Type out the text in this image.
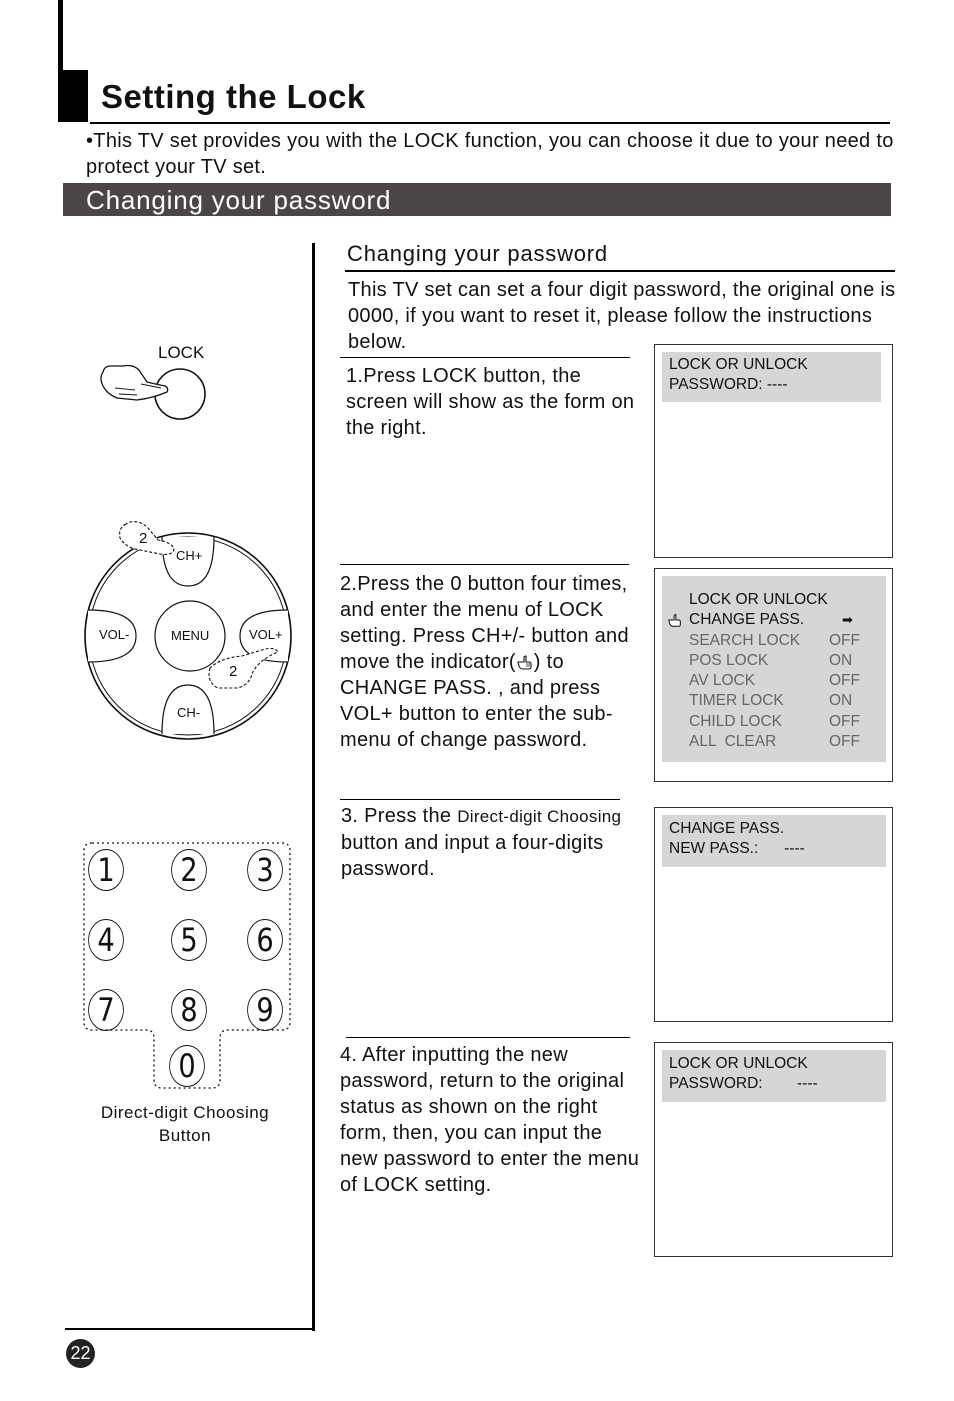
Setting the Lock
•This TV set provides you with the LOCK function, you can choose it due to your need to protect your TV set.
Changing your password
Changing your password
This TV set can set a four digit password, the original one is 0000, if you want to reset it, please follow the instructions below.
1.Press LOCK button, the screen will show as the form on the right.
2.Press the 0 button four times, and enter the menu of LOCK setting. Press CH+/- button and move the indicator( ) to CHANGE PASS. , and press VOL+ button to enter the sub-menu of change password.
3. Press the Direct-digit Choosing button and input a four-digits password.
4. After inputting the new password, return to the original status as shown on the right form, then, you can input the new password to enter the menu of LOCK setting.
LOCK OR UNLOCK
PASSWORD: ----
LOCK OR UNLOCK
CHANGE PASS.	➡
SEARCH LOCK OFF
POS LOCK	ON
AV LOCK	OFF
TIMER LOCK	ON
CHILD LOCK	OFF
ALL  CLEAR	OFF
CHANGE PASS.
NEW PASS.:      ----
LOCK OR UNLOCK
PASSWORD:        ----
LOCK
CH+
CH-
VOL-	VOL+
MENU
2
2
1 2 3
4 5 6
7 8 9
0
Direct-digit Choosing
Button
22
